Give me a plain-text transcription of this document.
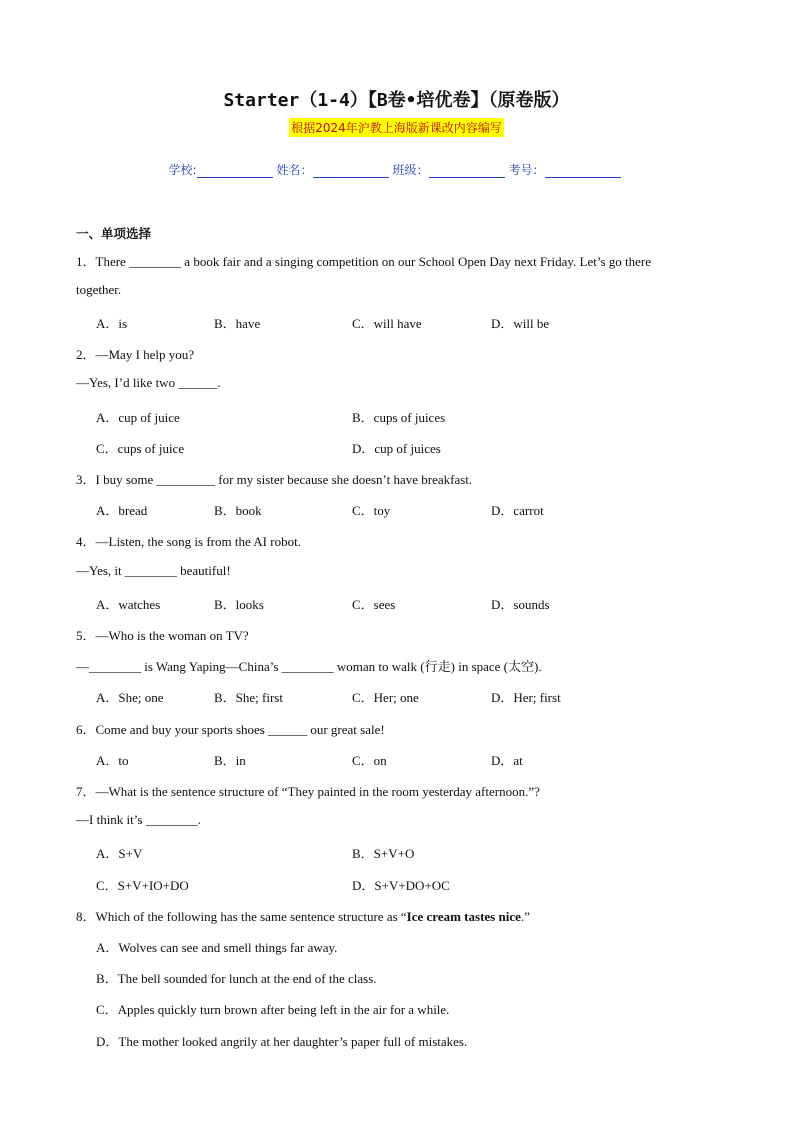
Starter（1-4）【B卷•培优卷】（原卷版）
根据2024年沪教上海版新课改内容编写
学校:	姓名：	班级：	考号：
一、单项选择
1．There ________ a book fair and a singing competition on our School Open Day next Friday. Let’s go there
together.
A．is	B．have	C．will have	D．will be
2．—May I help you?
—Yes, I’d like two ______.
A．cup of juice	B．cups of juices
C．cups of juice	D．cup of juices
3．I buy some _________ for my sister because she doesn’t have breakfast.
A．bread	B．book	C．toy	D．carrot
4．—Listen, the song is from the AI robot.
—Yes, it ________ beautiful!
A．watches	B．looks	C．sees	D．sounds
5．—Who is the woman on TV?
—________ is Wang Yaping—China’s ________ woman to walk (行走) in space (太空).
A．She; one	B．She; first	C．Her; one	D．Her; first
6．Come and buy your sports shoes ______ our great sale!
A．to	B．in	C．on	D．at
7．—What is the sentence structure of “They painted in the room yesterday afternoon.”?
—I think it’s ________.
A．S+V	B．S+V+O
C．S+V+IO+DO	D．S+V+DO+OC
8．Which of the following has the same sentence structure as “Ice cream tastes nice.”
A．Wolves can see and smell things far away.
B．The bell sounded for lunch at the end of the class.
C．Apples quickly turn brown after being left in the air for a while.
D．The mother looked angrily at her daughter’s paper full of mistakes.
